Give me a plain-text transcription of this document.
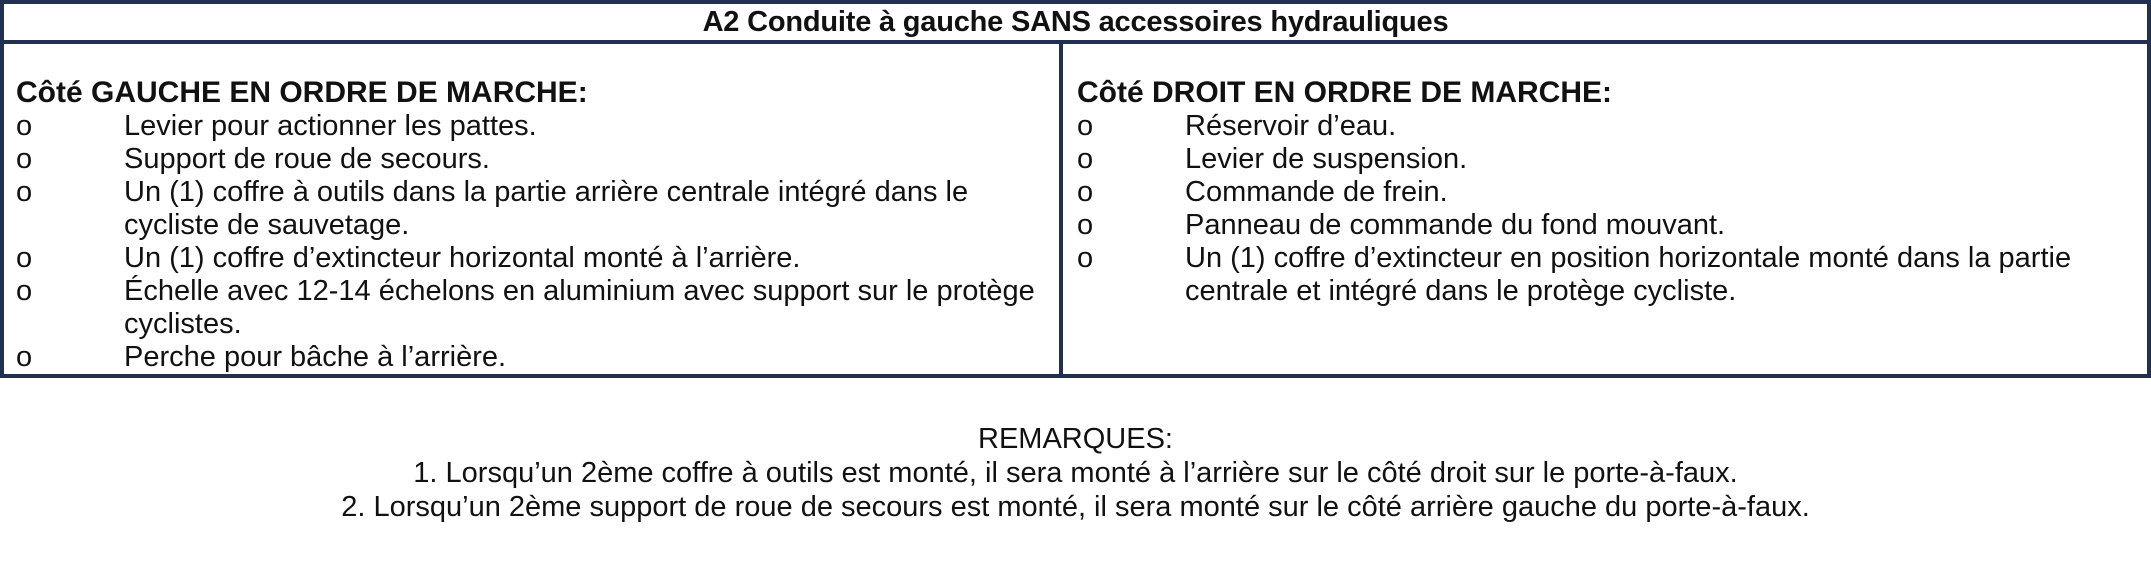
A2 Conduite à gauche SANS accessoires hydrauliques
Côté GAUCHE EN ORDRE DE MARCHE:
o	Levier pour actionner les pattes.
o	Support de roue de secours.
o	Un (1) coffre à outils dans la partie arrière centrale intégré dans le cycliste de sauvetage.
o	Un (1) coffre d’extincteur horizontal monté à l’arrière.
o	Échelle avec 12-14 échelons en aluminium avec support sur le protège cyclistes.
o	Perche pour bâche à l’arrière.
Côté DROIT EN ORDRE DE MARCHE:
o	Réservoir d’eau.
o	Levier de suspension.
o	Commande de frein.
o	Panneau de commande du fond mouvant.
o	Un (1) coffre d’extincteur en position horizontale monté dans la partie centrale et intégré dans le protège cycliste.
REMARQUES:
1. Lorsqu’un 2ème coffre à outils est monté, il sera monté à l’arrière sur le côté droit sur le porte-à-faux.
2. Lorsqu’un 2ème support de roue de secours est monté, il sera monté sur le côté arrière gauche du porte-à-faux.
